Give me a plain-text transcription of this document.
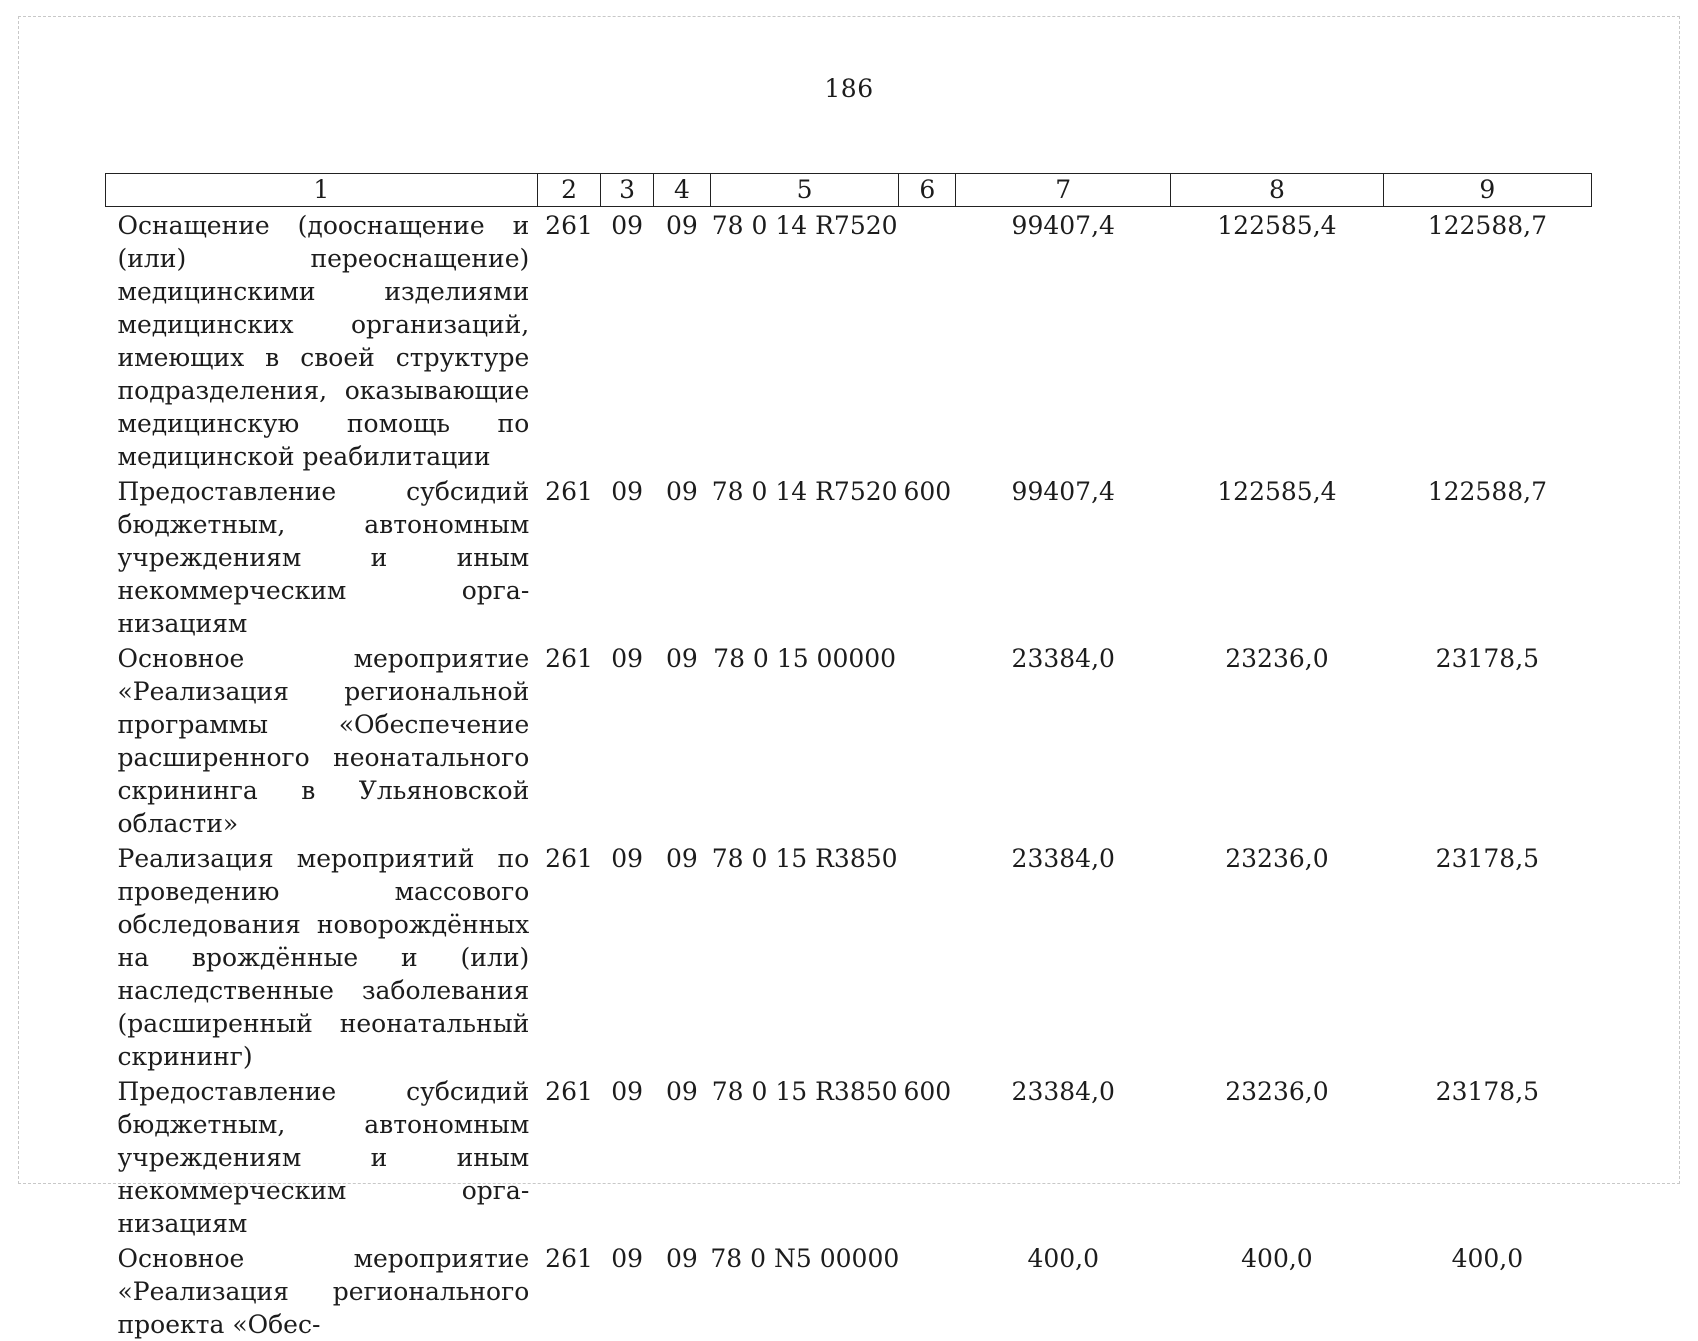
186
1	2	3	4	5	6	7	8	9
Оснащение (дооснащение и (или) переоснащение) медицинскими изделиями медицинских организаций, имеющих в своей структуре подразделения, оказывающие медицинскую помощь по медицинской реабилитации	261	09	09	78 0 14 R7520		99407,4	122585,4	122588,7
Предоставление субсидий бюджетным, автономным учреждениям и иным некоммерческим организациям	261	09	09	78 0 14 R7520	600	99407,4	122585,4	122588,7
Основное мероприятие «Реализация региональной программы «Обеспечение расширенного неонатального скрининга в Ульяновской области»	261	09	09	78 0 15 00000		23384,0	23236,0	23178,5
Реализация мероприятий по проведению массового обследования новорождённых на врождённые и (или) наследственные заболевания (расширенный неонатальный скрининг)	261	09	09	78 0 15 R3850		23384,0	23236,0	23178,5
Предоставление субсидий бюджетным, автономным учреждениям и иным некоммерческим организациям	261	09	09	78 0 15 R3850	600	23384,0	23236,0	23178,5
Основное мероприятие «Реализация регионального проекта «Обес-	261	09	09	78 0 N5 00000		400,0	400,0	400,0
